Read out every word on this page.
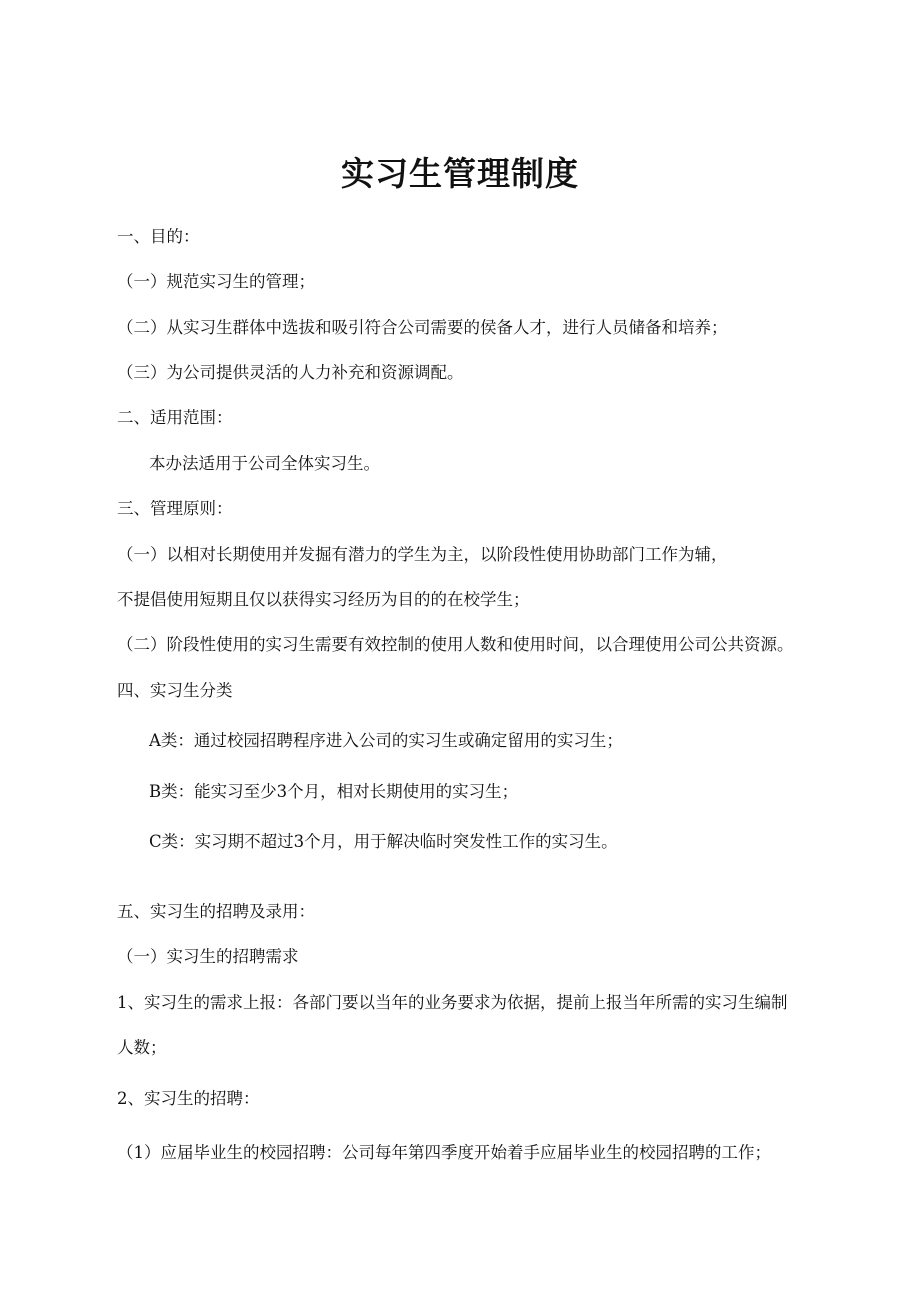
实习生管理制度
一、目的：
（一）规范实习生的管理；
（二）从实习生群体中选拔和吸引符合公司需要的侯备人才，进行人员储备和培养；
（三）为公司提供灵活的人力补充和资源调配。
二、适用范围：
本办法适用于公司全体实习生。
三、管理原则：
（一）以相对长期使用并发掘有潜力的学生为主，以阶段性使用协助部门工作为辅，
不提倡使用短期且仅以获得实习经历为目的的在校学生；
（二）阶段性使用的实习生需要有效控制的使用人数和使用时间，以合理使用公司公共资源。
四、实习生分类
A类：通过校园招聘程序进入公司的实习生或确定留用的实习生；
B类：能实习至少3个月，相对长期使用的实习生；
C类：实习期不超过3个月，用于解决临时突发性工作的实习生。
五、实习生的招聘及录用：
（一）实习生的招聘需求
1、实习生的需求上报：各部门要以当年的业务要求为依据，提前上报当年所需的实习生编制
人数；
2、实习生的招聘：
（1）应届毕业生的校园招聘：公司每年第四季度开始着手应届毕业生的校园招聘的工作；
